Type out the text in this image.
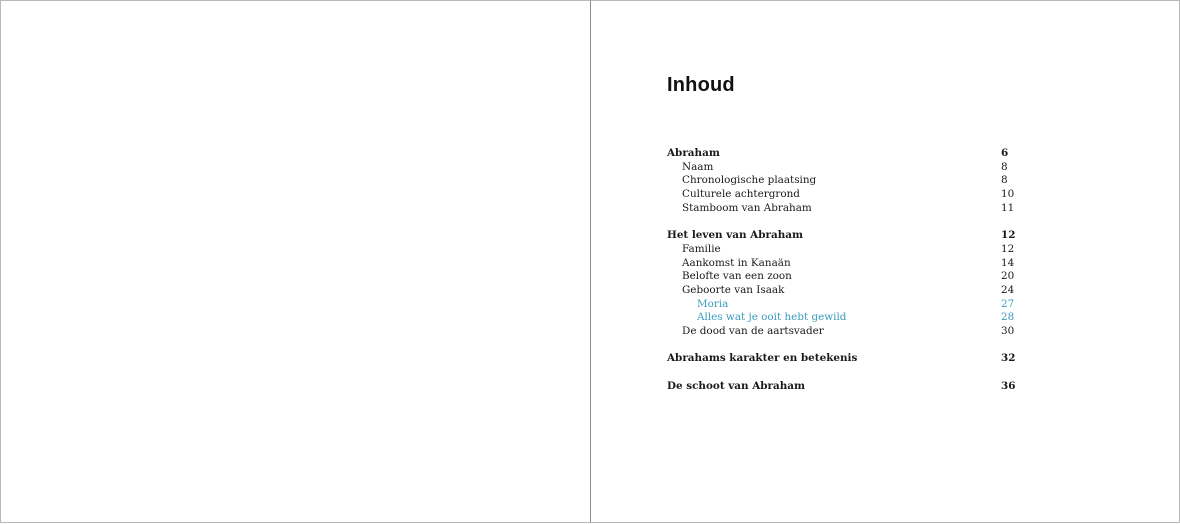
Inhoud
Abraham	6
Naam	8
Chronologische plaatsing	8
Culturele achtergrond	10
Stamboom van Abraham	11
Het leven van Abraham	12
Familie	12
Aankomst in Kanaän	14
Belofte van een zoon	20
Geboorte van Isaak	24
Moria	27
Alles wat je ooit hebt gewild	28
De dood van de aartsvader	30
Abrahams karakter en betekenis	32
De schoot van Abraham	36
